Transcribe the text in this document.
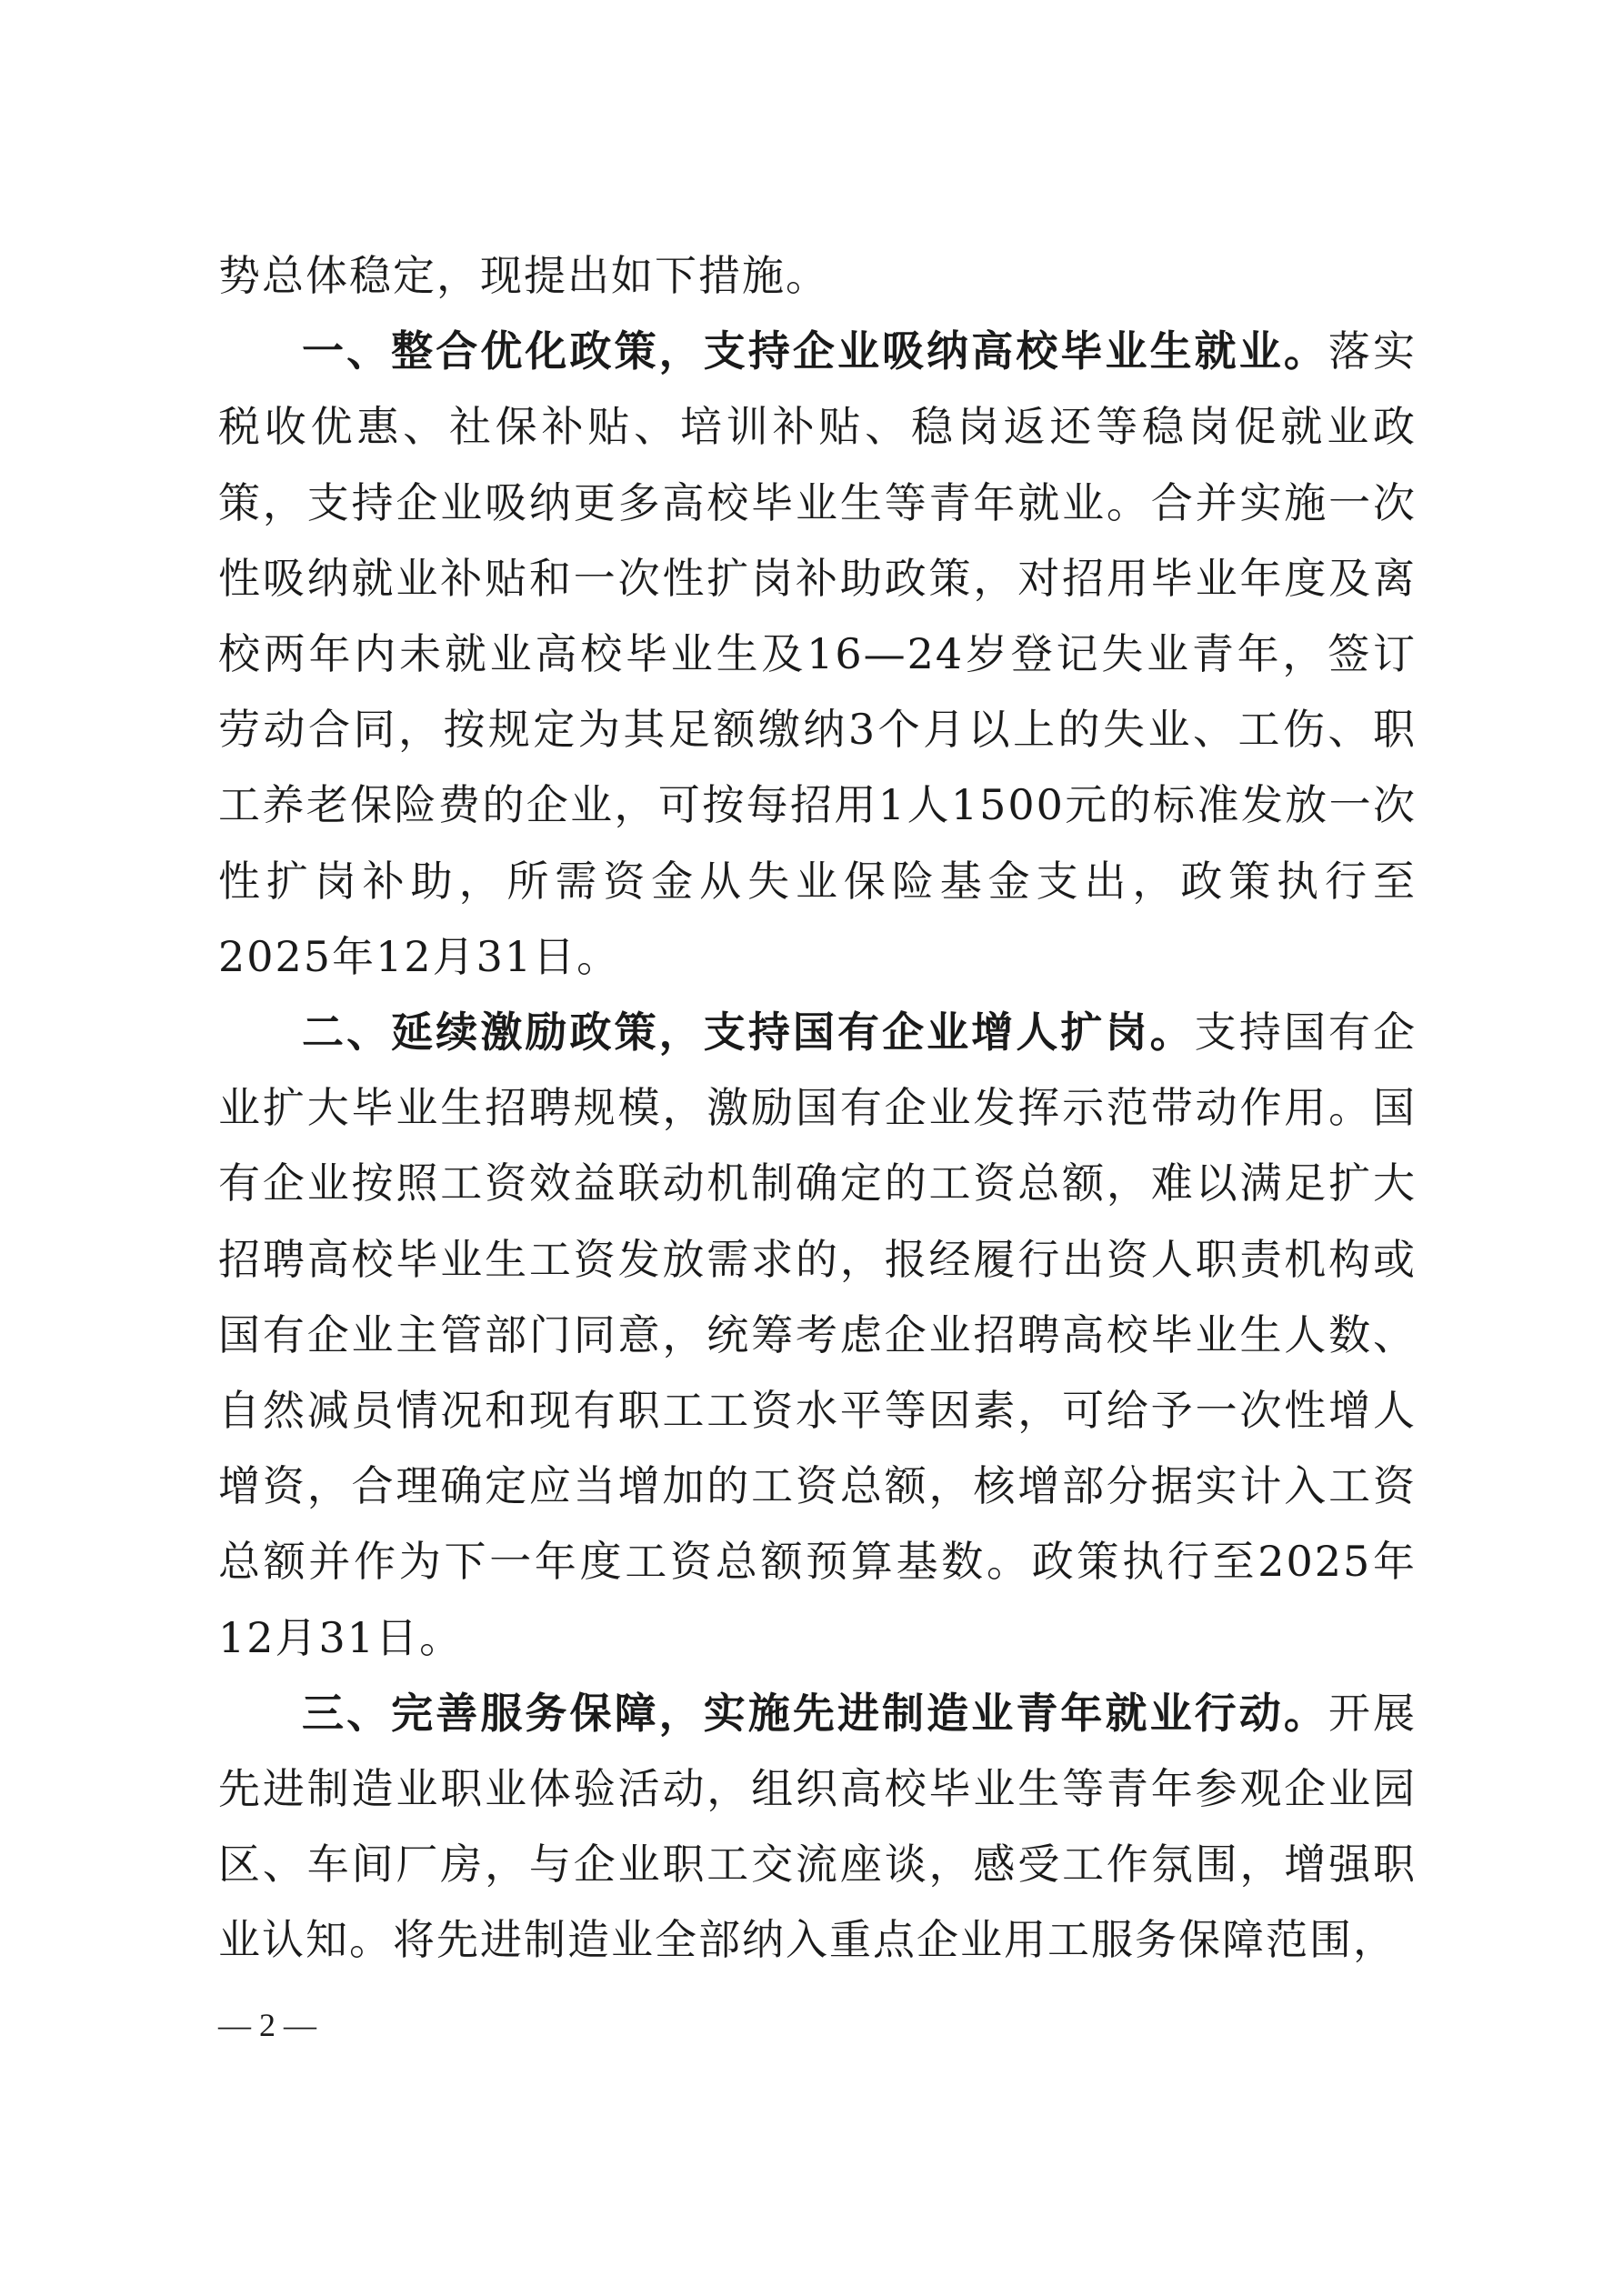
势总体稳定，现提出如下措施。

一、整合优化政策，支持企业吸纳高校毕业生就业。落实税收优惠、社保补贴、培训补贴、稳岗返还等稳岗促就业政策，支持企业吸纳更多高校毕业生等青年就业。合并实施一次性吸纳就业补贴和一次性扩岗补助政策，对招用毕业年度及离校两年内未就业高校毕业生及16—24岁登记失业青年，签订劳动合同，按规定为其足额缴纳3个月以上的失业、工伤、职工养老保险费的企业，可按每招用1人1500元的标准发放一次性扩岗补助，所需资金从失业保险基金支出，政策执行至2025年12月31日。

二、延续激励政策，支持国有企业增人扩岗。支持国有企业扩大毕业生招聘规模，激励国有企业发挥示范带动作用。国有企业按照工资效益联动机制确定的工资总额，难以满足扩大招聘高校毕业生工资发放需求的，报经履行出资人职责机构或国有企业主管部门同意，统筹考虑企业招聘高校毕业生人数、自然减员情况和现有职工工资水平等因素，可给予一次性增人增资，合理确定应当增加的工资总额，核增部分据实计入工资总额并作为下一年度工资总额预算基数。政策执行至2025年12月31日。

三、完善服务保障，实施先进制造业青年就业行动。开展先进制造业职业体验活动，组织高校毕业生等青年参观企业园区、车间厂房，与企业职工交流座谈，感受工作氛围，增强职业认知。将先进制造业全部纳入重点企业用工服务保障范围，

— 2 —
